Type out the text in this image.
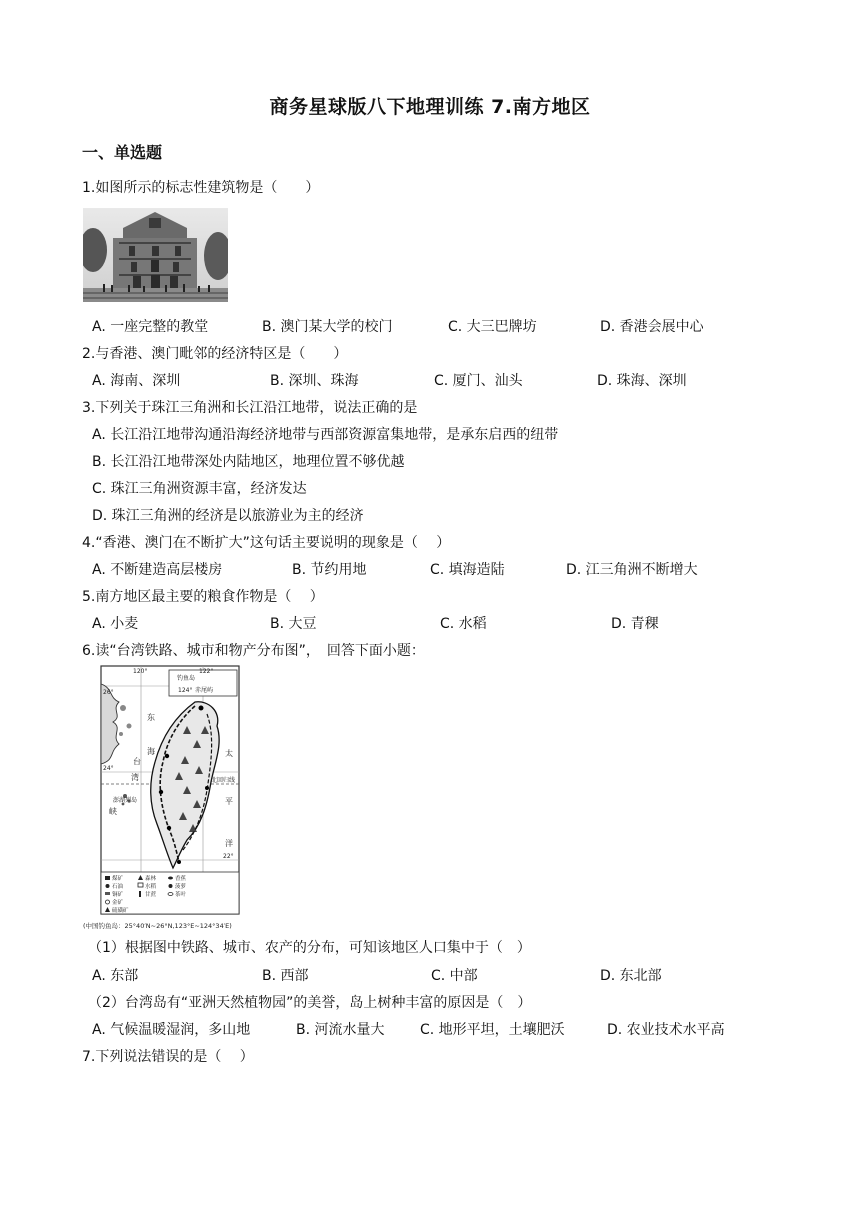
商务星球版八下地理训练 7.南方地区
一、单选题
1.如图所示的标志性建筑物是（　　）
A. 一座完整的教堂	B. 澳门某大学的校门	C. 大三巴牌坊	D. 香港会展中心
2.与香港、澳门毗邻的经济特区是（　　）
A. 海南、深圳	B. 深圳、珠海	C. 厦门、汕头	D. 珠海、深圳
3.下列关于珠江三角洲和长江沿江地带，说法正确的是
A. 长江沿江地带沟通沿海经济地带与西部资源富集地带，是承东启西的纽带
B. 长江沿江地带深处内陆地区，地理位置不够优越
C. 珠江三角洲资源丰富，经济发达
D. 珠江三角洲的经济是以旅游业为主的经济
4.“香港、澳门在不断扩大”这句话主要说明的现象是（　 ）
A. 不断建造高层楼房	B. 节约用地	C. 填海造陆	D. 江三角洲不断增大
5.南方地区最主要的粮食作物是（　 ）
A. 小麦	B. 大豆	C. 水稻	D. 青稞
6.读“台湾铁路、城市和物产分布图”，　回答下面小题：
钓鱼岛
赤尾屿
124°
东
海
台
湾
太
平
洋
峡
120°	122°
26°
24°
澎湖列岛
北回归线
22°
煤矿
石油
铜矿
金矿
硫磺矿
森林
水稻
甘蔗
香蕉
菠萝
茶叶
(中国钓鱼岛：25°40′N~26°N,123°E~124°34′E)
（1）根据图中铁路、城市、农产的分布，可知该地区人口集中于（　）
A. 东部	B. 西部	C. 中部	D. 东北部
（2）台湾岛有“亚洲天然植物园”的美誉，岛上树种丰富的原因是（　）
A. 气候温暖湿润，多山地	B. 河流水量大	C. 地形平坦，土壤肥沃	D. 农业技术水平高
7.下列说法错误的是（　 ）
